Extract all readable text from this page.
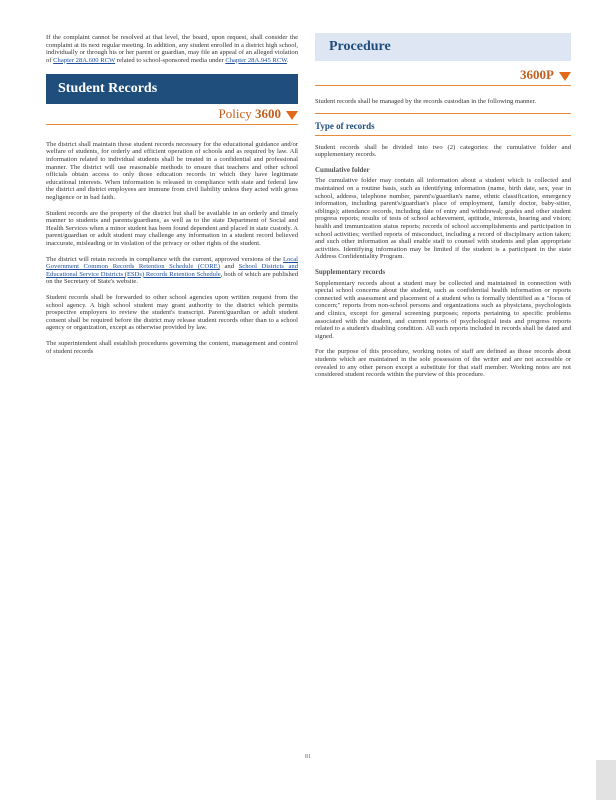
If the complaint cannot be resolved at that level, the board, upon request, shall consider the complaint at its next regular meeting. In addition, any student enrolled in a district high school, individually or through his or her parent or guardian, may file an appeal of an alleged violation of Chapter 28A.600 RCW related to school-sponsored media under Chapter 28A.945 RCW.

Student Records
Policy 3600

The district shall maintain those student records necessary for the educational guidance and/or welfare of students, for orderly and efficient operation of schools and as required by law. All information related to individual students shall be treated in a confidential and professional manner. The district will use reasonable methods to ensure that teachers and other school officials obtain access to only those education records in which they have legitimate educational interests. When information is released in compliance with state and federal law the district and district employees are immune from civil liability unless they acted with gross negligence or in bad faith.

Student records are the property of the district but shall be available in an orderly and timely manner to students and parents/guardians, as well as to the state Department of Social and Health Services when a minor student has been found dependent and placed in state custody. A parent/guardian or adult student may challenge any information in a student record believed inaccurate, misleading or in violation of the privacy or other rights of the student.

The district will retain records in compliance with the current, approved versions of the Local Government Common Records Retention Schedule (CORE) and School Districts and Educational Service Districts (ESDs) Records Retention Schedule, both of which are published on the Secretary of State's website.

Student records shall be forwarded to other school agencies upon written request from the school agency. A high school student may grant authority to the district which permits prospective employers to review the student's transcript. Parent/guardian or adult student consent shall be required before the district may release student records other than to a school agency or organization, except as otherwise provided by law.

The superintendent shall establish procedures governing the content, management and control of student records

Procedure
3600P

Student records shall be managed by the records custodian in the following manner.

Type of records

Student records shall be divided into two (2) categories: the cumulative folder and supplementary records.

Cumulative folder

The cumulative folder may contain all information about a student which is collected and maintained on a routine basis, such as identifying information (name, birth date, sex, year in school, address, telephone number, parent's/guardian's name, ethnic classification, emergency information, including parent's/guardian's place of employment, family doctor, baby-sitter, siblings); attendance records, including date of entry and withdrawal; grades and other student progress reports; results of tests of school achievement, aptitude, interests, hearing and vision; health and immunization status reports; records of school accomplishments and participation in school activities; verified reports of misconduct, including a record of disciplinary action taken; and such other information as shall enable staff to counsel with students and plan appropriate activities. Identifying information may be limited if the student is a participant in the state Address Confidentiality Program.

Supplementary records

Supplementary records about a student may be collected and maintained in connection with special school concerns about the student, such as confidential health information or reports connected with assessment and placement of a student who is formally identified as a "focus of concern;" reports from non-school persons and organizations such as physicians, psychologists and clinics, except for general screening purposes; reports pertaining to specific problems associated with the student, and current reports of psychological tests and progress reports related to a student's disabling condition. All such reports included in records shall be dated and signed.

For the purpose of this procedure, working notes of staff are defined as those records about students which are maintained in the sole possession of the writer and are not accessible or revealed to any other person except a substitute for that staff member. Working notes are not considered student records within the purview of this procedure.

81
